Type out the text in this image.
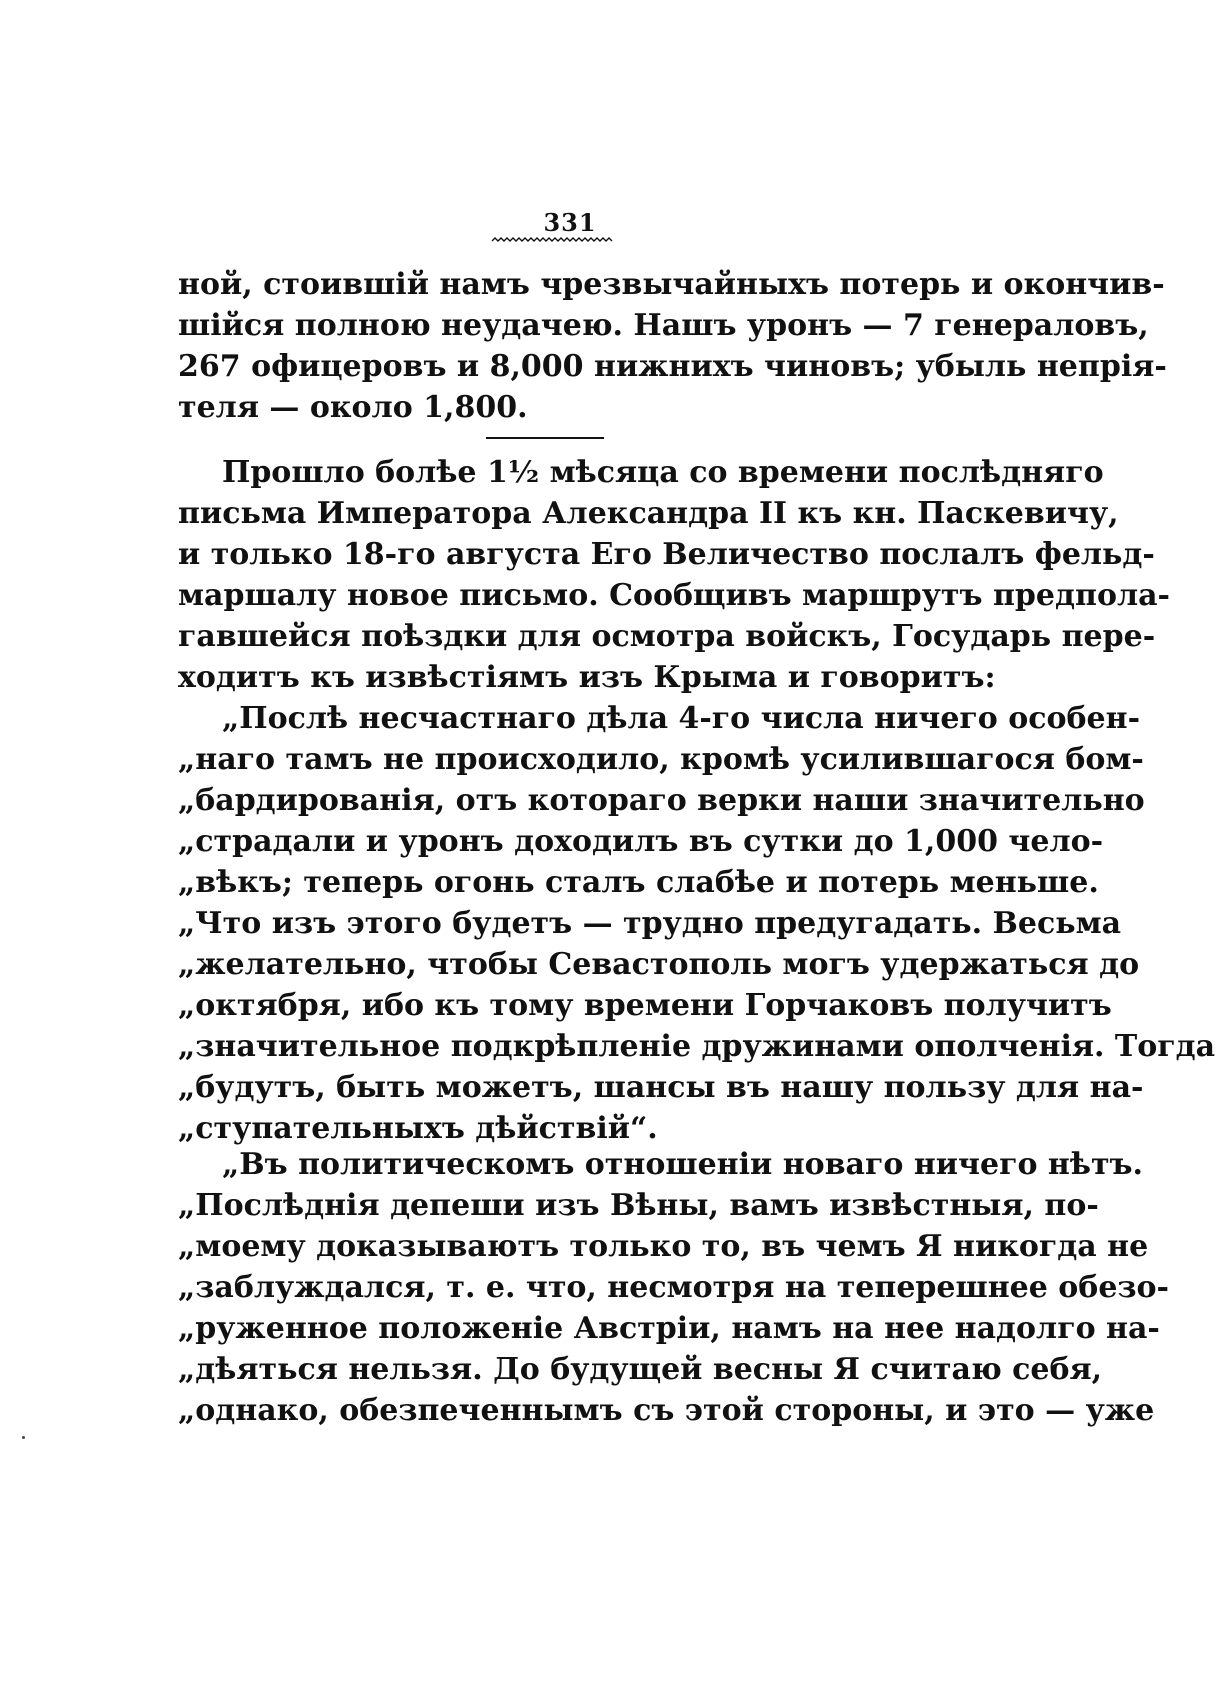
331
ной, стоившій намъ чрезвычайныхъ потерь и окончив-
шійся полною неудачею. Нашъ уронъ — 7 генераловъ,
267 офицеровъ и 8,000 нижнихъ чиновъ; убыль непрія-
теля — около 1,800.
Прошло болѣе 1½ мѣсяца со времени послѣдняго
письма Императора Александра II къ кн. Паскевичу,
и только 18-го августа Его Величество послалъ фельд-
маршалу новое письмо. Сообщивъ маршрутъ предпола-
гавшейся поѣздки для осмотра войскъ, Государь пере-
ходитъ къ извѣстіямъ изъ Крыма и говоритъ:
„Послѣ несчастнаго дѣла 4-го числа ничего особен-
„наго тамъ не происходило, кромѣ усилившагося бом-
„бардированія, отъ котораго верки наши значительно
„страдали и уронъ доходилъ въ сутки до 1,000 чело-
„вѣкъ; теперь огонь сталъ слабѣе и потерь меньше.
„Что изъ этого будетъ — трудно предугадать. Весьма
„желательно, чтобы Севастополь могъ удержаться до
„октября, ибо къ тому времени Горчаковъ получитъ
„значительное подкрѣпленіе дружинами ополченія. Тогда
„будутъ, быть можетъ, шансы въ нашу пользу для на-
„ступательныхъ дѣйствій“.
„Въ политическомъ отношеніи новаго ничего нѣтъ.
„Послѣднія депеши изъ Вѣны, вамъ извѣстныя, по-
„моему доказываютъ только то, въ чемъ Я никогда не
„заблуждался, т. е. что, несмотря на теперешнее обезо-
„руженное положеніе Австріи, намъ на нее надолго на-
„дѣяться нельзя. До будущей весны Я считаю себя,
„однако, обезпеченнымъ съ этой стороны, и это — уже
